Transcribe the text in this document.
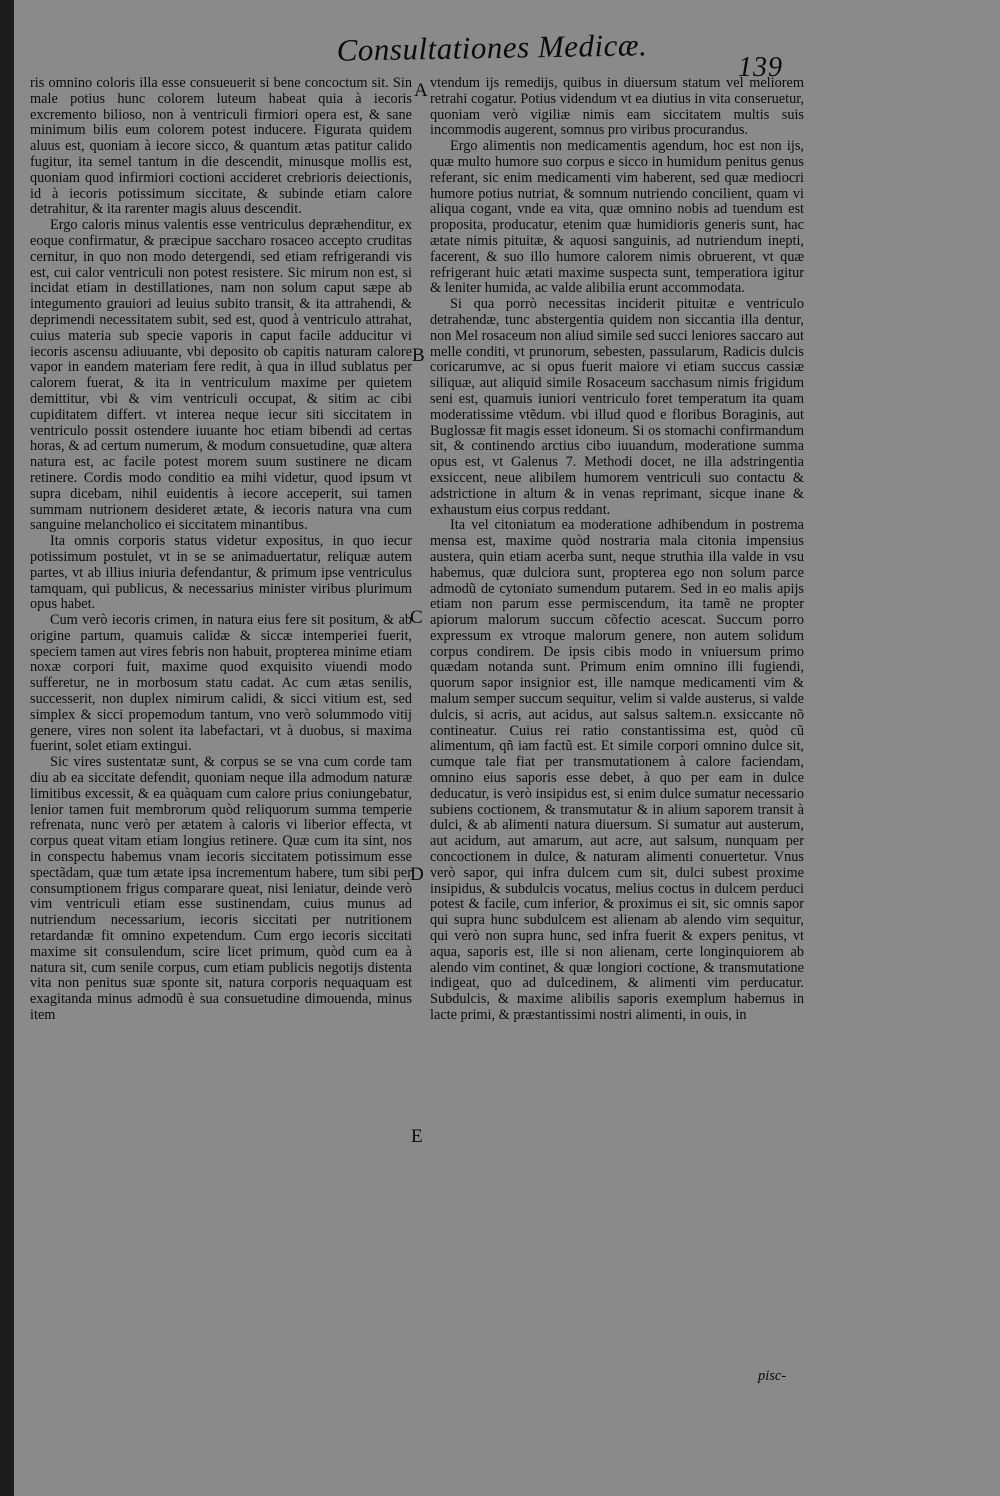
Consultationes Medicæ.	139

ris omnino coloris illa esse consueuerit si bene concoctum sit. Sin male potius hunc colorem luteum habeat quia à iecoris excremento bilioso, non à ventriculi firmiori opera est, & sane minimum bilis eum colorem potest inducere. Figurata quidem aluus est, quoniam à iecore sicco, & quantum ætas patitur calido fugitur, ita semel tantum in die descendit, minusque mollis est, quoniam quod infirmiori coctioni accideret crebrioris deiectionis, id à iecoris potissimum siccitate, & subinde etiam calore detrahitur, & ita rarenter magis aluus descendit.

Ergo caloris minus valentis esse ventriculus depræhenditur, ex eoque confirmatur, & præcipue saccharo rosaceo accepto cruditas cernitur, in quo non modo detergendi, sed etiam refrigerandi vis est, cui calor ventriculi non potest resistere. Sic mirum non est, si incidat etiam in destillationes, nam non solum caput sæpe ab integumento grauiori ad leuius subito transit, & ita attrahendi, & deprimendi necessitatem subit, sed est, quod à ventriculo attrahat, cuius materia sub specie vaporis in caput facile adducitur vi iecoris ascensu adiuuante, vbi deposito ob capitis naturam calore vapor in eandem materiam fere redit, à qua in illud sublatus per calorem fuerat, & ita in ventriculum maxime per quietem demittitur, vbi & vim ventriculi occupat, & sitim ac cibi cupiditatem differt. vt interea neque iecur siti siccitatem in ventriculo possit ostendere iuuante hoc etiam bibendi ad certas horas, & ad certum numerum, & modum consuetudine, quæ altera natura est, ac facile potest morem suum sustinere ne dicam retinere. Cordis modo conditio ea mihi videtur, quod ipsum vt supra dicebam, nihil euidentis à iecore acceperit, sui tamen summam nutrionem desideret ætate, & iecoris natura vna cum sanguine melancholico ei siccitatem minantibus.

Ita omnis corporis status videtur expositus, in quo iecur potissimum postulet, vt in se se animaduertatur, reliquæ autem partes, vt ab illius iniuria defendantur, & primum ipse ventriculus tamquam, qui publicus, & necessarius minister viribus plurimum opus habet.

Cum verò iecoris crimen, in natura eius fere sit positum, & ab origine partum, quamuis calidæ & siccæ intemperiei fuerit, speciem tamen aut vires febris non habuit, propterea minime etiam noxæ corpori fuit, maxime quod exquisito viuendi modo sufferetur, ne in morbosum statu cadat. Ac cum ætas senilis, successerit, non duplex nimirum calidi, & sicci vitium est, sed simplex & sicci propemodum tantum, vno verò solummodo vitij genere, vires non solent ita labefactari, vt à duobus, si maxima fuerint, solet etiam extingui.

Sic vires sustentatæ sunt, & corpus se se vna cum corde tam diu ab ea siccitate defendit, quoniam neque illa admodum naturæ limitibus excessit, & ea quàquam cum calore prius coniungebatur, lenior tamen fuit membrorum quòd reliquorum summa temperie refrenata, nunc verò per ætatem à caloris vi liberior effecta, vt corpus queat vitam etiam longius retinere. Quæ cum ita sint, nos in conspectu habemus vnam iecoris siccitatem potissimum esse spectãdam, quæ tum ætate ipsa incrementum habere, tum sibi per consumptionem frigus comparare queat, nisi leniatur, deinde verò vim ventriculi etiam esse sustinendam, cuius munus ad nutriendum necessarium, iecoris siccitati per nutritionem retardandæ fit omnino expetendum. Cum ergo iecoris siccitati maxime sit consulendum, scire licet primum, quòd cum ea à natura sit, cum senile corpus, cum etiam publicis negotijs distenta vita non penitus suæ sponte sit, natura corporis nequaquam est exagitanda minus admodũ è sua consuetudine dimouenda, minus item

A
B
C
D
E

vtendum ijs remedijs, quibus in diuersum statum vel meliorem retrahi cogatur. Potius videndum vt ea diutius in vita conseruetur, quoniam verò vigiliæ nimis eam siccitatem multis suis incommodis augerent, somnus pro viribus procurandus.

Ergo alimentis non medicamentis agendum, hoc est non ijs, quæ multo humore suo corpus e sicco in humidum penitus genus referant, sic enim medicamenti vim haberent, sed quæ mediocri humore potius nutriat, & somnum nutriendo concilient, quam vi aliqua cogant, vnde ea vita, quæ omnino nobis ad tuendum est proposita, producatur, etenim quæ humidioris generis sunt, hac ætate nimis pituitæ, & aquosi sanguinis, ad nutriendum inepti, facerent, & suo illo humore calorem nimis obruerent, vt quæ refrigerant huic ætati maxime suspecta sunt, temperatiora igitur & leniter humida, ac valde alibilia erunt accommodata.

Si qua porrò necessitas inciderit pituitæ e ventriculo detrahendæ, tunc abstergentia quidem non siccantia illa dentur, non Mel rosaceum non aliud simile sed succi leniores saccaro aut melle conditi, vt prunorum, sebesten, passularum, Radicis dulcis coricarumve, ac si opus fuerit maiore vi etiam succus cassiæ siliquæ, aut aliquid simile Rosaceum sacchasum nimis frigidum seni est, quamuis iuniori ventriculo foret temperatum ita quam moderatissime vtẽdum. vbi illud quod e floribus Boraginis, aut Buglossæ fit magis esset idoneum. Si os stomachi confirmandum sit, & continendo arctius cibo iuuandum, moderatione summa opus est, vt Galenus 7. Methodi docet, ne illa adstringentia exsiccent, neue alibilem humorem ventriculi suo contactu & adstrictione in altum & in venas reprimant, sicque inane & exhaustum eius corpus reddant.

Ita vel citoniatum ea moderatione adhibendum in postrema mensa est, maxime quòd nostraria mala citonia impensius austera, quin etiam acerba sunt, neque struthia illa valde in vsu habemus, quæ dulciora sunt, propterea ego non solum parce admodũ de cytoniato sumendum putarem. Sed in eo malis apijs etiam non parum esse permiscendum, ita tamẽ ne propter apiorum malorum succum cõfectio acescat. Succum porro expressum ex vtroque malorum genere, non autem solidum corpus condirem. De ipsis cibis modo in vniuersum primo quædam notanda sunt. Primum enim omnino illi fugiendi, quorum sapor insignior est, ille namque medicamenti vim & malum semper succum sequitur, velim si valde austerus, si valde dulcis, si acris, aut acidus, aut salsus saltem.n. exsiccante nõ contineatur. Cuius rei ratio constantissima est, quòd cũ alimentum, qñ iam factũ est. Et simile corpori omnino dulce sit, cumque tale fiat per transmutationem à calore faciendam, omnino eius saporis esse debet, à quo per eam in dulce deducatur, is verò insipidus est, si enim dulce sumatur necessario subiens coctionem, & transmutatur & in alium saporem transit à dulci, & ab alimenti natura diuersum. Si sumatur aut austerum, aut acidum, aut amarum, aut acre, aut salsum, nunquam per concoctionem in dulce, & naturam alimenti conuertetur. Vnus verò sapor, qui infra dulcem cum sit, dulci subest proxime insipidus, & subdulcis vocatus, melius coctus in dulcem perduci potest & facile, cum inferior, & proximus ei sit, sic omnis sapor qui supra hunc subdulcem est alienam ab alendo vim sequitur, qui verò non supra hunc, sed infra fuerit & expers penitus, vt aqua, saporis est, ille si non alienam, certe longinquiorem ab alendo vim continet, & quæ longiori coctione, & transmutatione indigeat, quo ad dulcedinem, & alimenti vim perducatur. Subdulcis, & maxime alibilis saporis exemplum habemus in lacte primi, & præstantissimi nostri alimenti, in ouis, in

pisc-
